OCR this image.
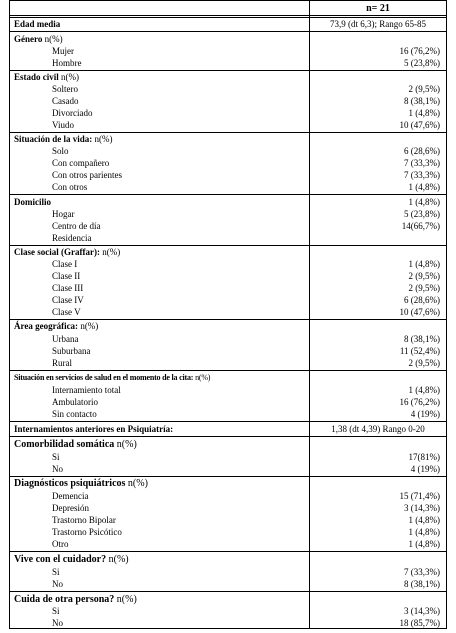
n= 21
Edad media	73,9 (dt 6,3); Rango 65-85
Género n(%)
Mujer	16 (76,2%)
Hombre	5 (23,8%)
Estado civil n(%)
Soltero	2 (9,5%)
Casado	8 (38,1%)
Divorciado	1 (4,8%)
Viudo	10 (47,6%)
Situación de la vida: n(%)
Solo	6 (28,6%)
Con compañero	7 (33,3%)
Con otros parientes	7 (33,3%)
Con otros	1 (4,8%)
Domicilio	1 (4,8%)
Hogar	5 (23,8%)
Centro de día	14(66,7%)
Residencia
Clase social (Graffar): n(%)
Clase I	1 (4,8%)
Clase II	2 (9,5%)
Clase III	2 (9,5%)
Clase IV	6 (28,6%)
Clase V	10 (47,6%)
Área geográfica: n(%)
Urbana	8 (38,1%)
Suburbana	11 (52,4%)
Rural	2 (9,5%)
Situación en servicios de salud en el momento de la cita: n(%)
Internamiento total	1 (4,8%)
Ambulatorio	16 (76,2%)
Sin contacto	4 (19%)
Internamientos anteriores en Psiquiatría:	1,38 (dt 4,39) Rango 0-20
Comorbilidad somática n(%)
Si	17(81%)
No	4 (19%)
Diagnósticos psiquiátricos n(%)
Demencia	15 (71,4%)
Depresión	3 (14,3%)
Trastorno Bipolar	1 (4,8%)
Trastorno Psicótico	1 (4,8%)
Otro	1 (4,8%)
Vive con el cuidador? n(%)
Si	7 (33,3%)
No	8 (38,1%)
Cuida de otra persona? n(%)
Si	3 (14,3%)
No	18 (85,7%)
